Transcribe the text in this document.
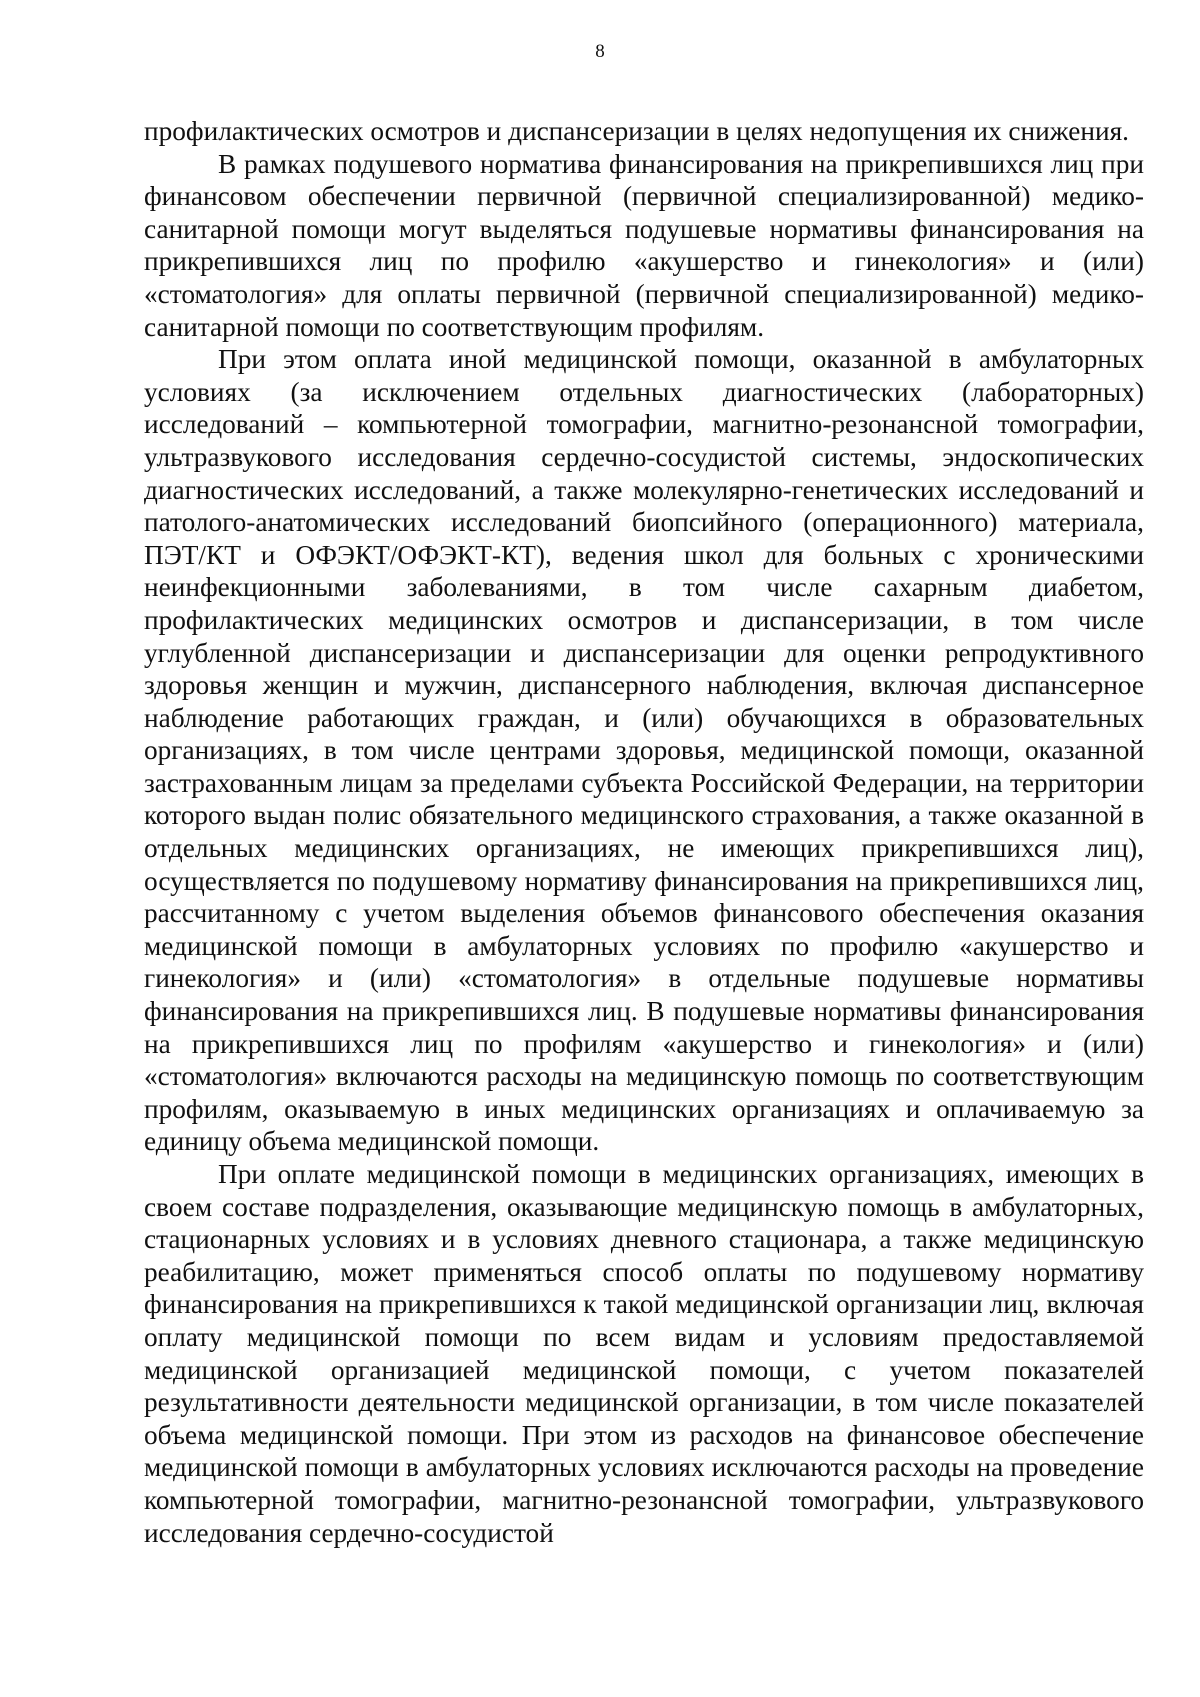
8

профилактических осмотров и диспансеризации в целях недопущения их снижения.

В рамках подушевого норматива финансирования на прикрепившихся лиц при финансовом обеспечении первичной (первичной специализированной) медико-санитарной помощи могут выделяться подушевые нормативы финансирования на прикрепившихся лиц по профилю «акушерство и гинекология» и (или) «стоматология» для оплаты первичной (первичной специализированной) медико-санитарной помощи по соответствующим профилям.

При этом оплата иной медицинской помощи, оказанной в амбулаторных условиях (за исключением отдельных диагностических (лабораторных) исследований – компьютерной томографии, магнитно-резонансной томографии, ультразвукового исследования сердечно-сосудистой системы, эндоскопических диагностических исследований, а также молекулярно-генетических исследований и патолого-анатомических исследований биопсийного (операционного) материала, ПЭТ/КТ и ОФЭКТ/ОФЭКТ-КТ), ведения школ для больных с хроническими неинфекционными заболеваниями, в том числе сахарным диабетом, профилактических медицинских осмотров и диспансеризации, в том числе углубленной диспансеризации и диспансеризации для оценки репродуктивного здоровья женщин и мужчин, диспансерного наблюдения, включая диспансерное наблюдение работающих граждан, и (или) обучающихся в образовательных организациях, в том числе центрами здоровья, медицинской помощи, оказанной застрахованным лицам за пределами субъекта Российской Федерации, на территории которого выдан полис обязательного медицинского страхования, а также оказанной в отдельных медицинских организациях, не имеющих прикрепившихся лиц), осуществляется по подушевому нормативу финансирования на прикрепившихся лиц, рассчитанному с учетом выделения объемов финансового обеспечения оказания медицинской помощи в амбулаторных условиях по профилю «акушерство и гинекология» и (или) «стоматология» в отдельные подушевые нормативы финансирования на прикрепившихся лиц. В подушевые нормативы финансирования на прикрепившихся лиц по профилям «акушерство и гинекология» и (или) «стоматология» включаются расходы на медицинскую помощь по соответствующим профилям, оказываемую в иных медицинских организациях и оплачиваемую за единицу объема медицинской помощи.

При оплате медицинской помощи в медицинских организациях, имеющих в своем составе подразделения, оказывающие медицинскую помощь в амбулаторных, стационарных условиях и в условиях дневного стационара, а также медицинскую реабилитацию, может применяться способ оплаты по подушевому нормативу финансирования на прикрепившихся к такой медицинской организации лиц, включая оплату медицинской помощи по всем видам и условиям предоставляемой медицинской организацией медицинской помощи, с учетом показателей результативности деятельности медицинской организации, в том числе показателей объема медицинской помощи. При этом из расходов на финансовое обеспечение медицинской помощи в амбулаторных условиях исключаются расходы на проведение компьютерной томографии, магнитно-резонансной томографии, ультразвукового исследования сердечно-сосудистой
